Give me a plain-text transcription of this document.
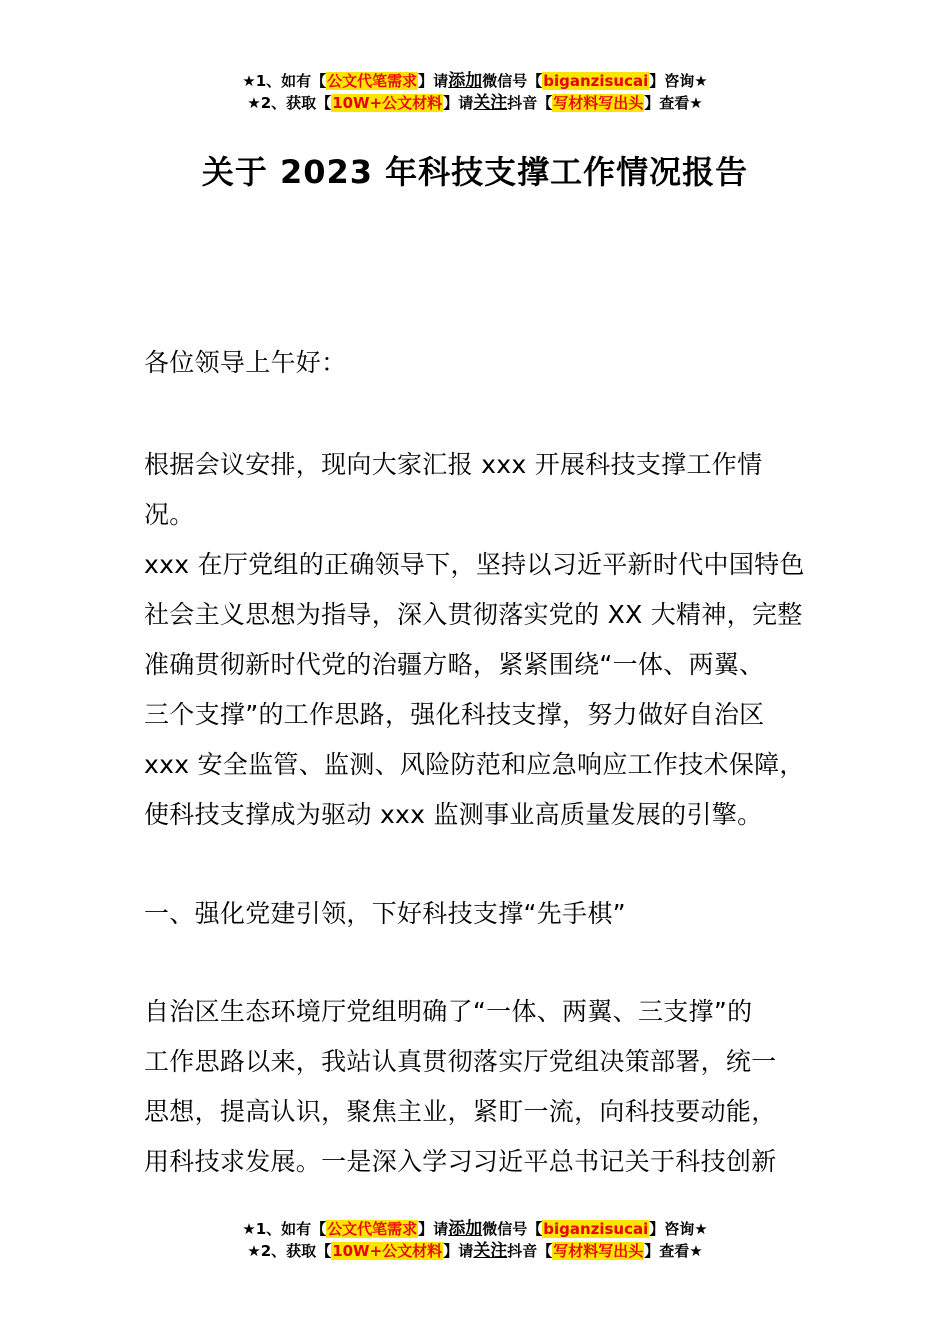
★1、如有【公文代笔需求】请添加微信号【biganzisucai】咨询★
★2、获取【10W+公文材料】请关注抖音【写材料写出头】查看★
关于 2023 年科技支撑工作情况报告

各位领导上午好：

根据会议安排，现向大家汇报 xxx 开展科技支撑工作情况。

xxx 在厅党组的正确领导下，坚持以习近平新时代中国特色
社会主义思想为指导，深入贯彻落实党的 XX 大精神，完整
准确贯彻新时代党的治疆方略，紧紧围绕“一体、两翼、
三个支撑”的工作思路，强化科技支撑，努力做好自治区
xxx 安全监管、监测、风险防范和应急响应工作技术保障，
使科技支撑成为驱动 xxx 监测事业高质量发展的引擎。

一、强化党建引领，下好科技支撑“先手棋”

自治区生态环境厅党组明确了“一体、两翼、三支撑”的
工作思路以来，我站认真贯彻落实厅党组决策部署，统一
思想，提高认识，聚焦主业，紧盯一流，向科技要动能，
用科技求发展。一是深入学习习近平总书记关于科技创新
★1、如有【公文代笔需求】请添加微信号【biganzisucai】咨询★
★2、获取【10W+公文材料】请关注抖音【写材料写出头】查看★
